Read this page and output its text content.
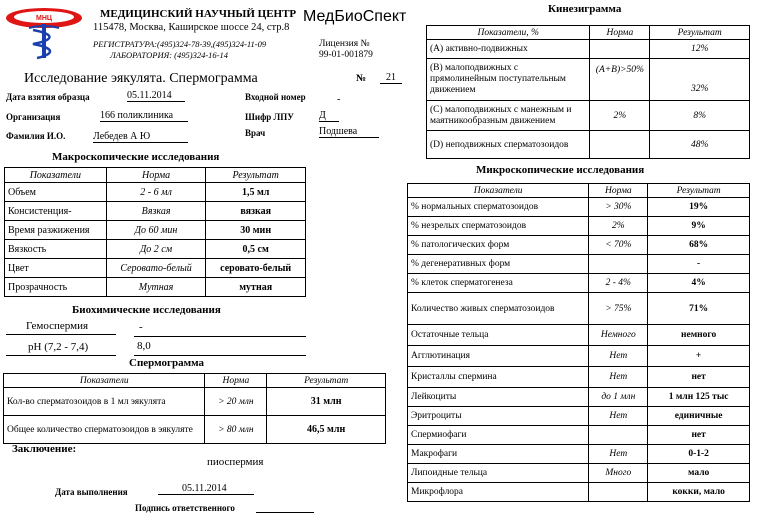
МНЦ	МЕДИЦИНСКИЙ НАУЧНЫЙ ЦЕНТР
115478, Москва, Каширское шоссе 24, стр.8
РЕГИСТРАТУРА:(495)324-78-39,(495)324-11-09
ЛАБОРАТОРИЯ: (495)324-16-14
МедБиоСпект
Лицензия №
99-01-001879
Исследование эякулята. Спермограмма	№	21
Дата взятия образца	05.11.2014	Входной номер	-
Организация	166 поликлиника	Шифр ЛПУ	Д
Фамилия И.О.	Лебедев А Ю	Врач	Подшева
Макроскопические исследования
Показатели	Норма	Результат
Объем	2 - 6 мл	1,5 мл
Консистенция-	Вязкая	вязкая
Время разжижения	До 60 мин	30 мин
Вязкость	До 2 см	0,5 см
Цвет	Серовато-белый	серовато-белый
Прозрачность	Мутная	мутная
Биохимические исследования
Гемоспермия	-
pH (7,2 - 7,4)	8,0
Спермограмма
Показатели	Норма	Результат
Кол-во сперматозоидов в 1 мл эякулята	> 20 млн	31 млн
Общее количество сперматозоидов в эякуляте	> 80 млн	46,5 млн
Заключение:
пиоспермия
Дата выполнения	05.11.2014
Подпись ответственного
Кинезиграмма
Показатели, %	Норма	Результат
(A) активно-подвижных		12%
(B) малоподвижных с прямолинейным поступательным движением	(A+B)>50%	32%
(C) малоподвижных с манежным и маятникообразным движением	2%	8%
(D) неподвижных сперматозоидов		48%
Микроскопические исследования
Показатели	Норма	Результат
% нормальных сперматозоидов	> 30%	19%
% незрелых сперматозоидов	2%	9%
% патологических форм	< 70%	68%
% дегенеративных форм		-
% клеток сперматогенеза	2 - 4%	4%
Количество живых сперматозоидов	> 75%	71%
Остаточные тельца	Немного	немного
Агглютинация	Нет	+
Кристаллы спермина	Нет	нет
Лейкоциты	до 1 млн	1 млн 125 тыс
Эритроциты	Нет	единичные
Спермиофаги		нет
Макрофаги	Нет	0-1-2
Липоидные тельца	Много	мало
Микрофлора		кокки, мало
